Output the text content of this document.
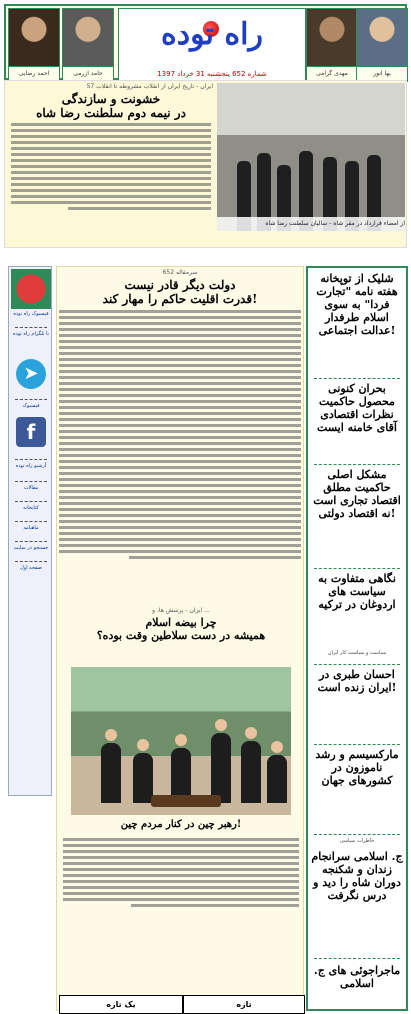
احمد رضایی	حامد ازرمی
راه توده
شماره 652 پنجشنبه 31 خرداد 1397	مهدی گرامی	بها انور
ایران - تاریخ ایران از انقلاب مشروطه تا انقلاب 57
خشونت و سازندگی
در نیمه دوم سلطنت رضا شاه
از امضاء قرارداد در مقر شاه - سالیان سلطنت رضا شاه
فیسبوک راه توده
با تلگرام راه توده
➤
فیسبوک
f
آرشیو راه توده
مقالات
کتابخانه
ماهنامه
جستجو در سایت
صفحه اول
سرمقاله 652
دولت دیگر قادر نیست
قدرت اقلیت حاکم را مهار کند!
ایران - پرسش ها، و ...
چرا بیضه اسلام
همیشه در دست سلاطین وقت بوده؟
رهبر چین در کنار مردم چین!
یک تازه	تازه
شلیک از توپخانه هفته نامه "تجارت فردا" به سوی اسلام طرفدار عدالت اجتماعی!
بحران کنونی محصول حاکمیت نظرات اقتصادی آقای خامنه ایست
مشکل اصلی حاکمیت مطلق اقتصاد تجاری است نه اقتصاد دولتی!
نگاهی متفاوت به سیاست های اردوغان در ترکیه
سیاست و سیاست کار ایران
احسان طبری در ایران زنده است!
مارکسیسم و رشد ناموزون در کشورهای جهان
خاطرات سیاسی
ج. اسلامی سرانجام زندان و شکنجه دوران شاه را دید و درس نگرفت
ماجراجوئی های ج. اسلامی
